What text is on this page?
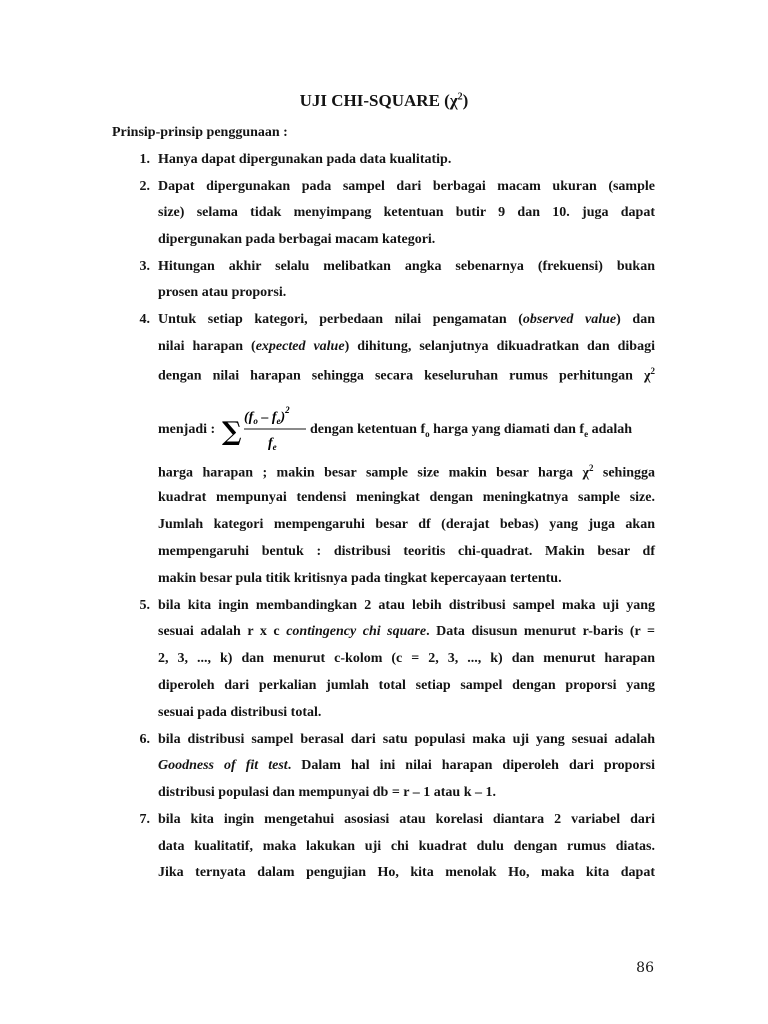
UJI CHI-SQUARE $(\chi^2)$
Prinsip-prinsip penggunaan :
1. Hanya dapat dipergunakan pada data kualitatip.
2. Dapat dipergunakan pada sampel dari berbagai macam ukuran (sample
size) selama tidak menyimpang ketentuan butir 9 dan 10. juga dapat
dipergunakan pada berbagai macam kategori.
3. Hitungan akhir selalu melibatkan angka sebenarnya (frekuensi) bukan
prosen atau proporsi.
4. Untuk setiap kategori, perbedaan nilai pengamatan (observed value) dan
nilai harapan (expected value) dihitung, selanjutnya dikuadratkan dan dibagi
dengan nilai harapan sehingga secara keseluruhan rumus perhitungan $\chi^2$
menjadi : ∑ $(f_o - f_e)^2$
$f_e$
dengan ketentuan $f_o$ harga yang diamati dan $f_e$ adalah
harga harapan ; makin besar sample size makin besar harga $\chi^2$ sehingga
kuadrat mempunyai tendensi meningkat dengan meningkatnya sample size.
Jumlah kategori mempengaruhi besar df (derajat bebas) yang juga akan
mempengaruhi bentuk : distribusi teoritis chi-quadrat. Makin besar df
makin besar pula titik kritisnya pada tingkat kepercayaan tertentu.
5. bila kita ingin membandingkan 2 atau lebih distribusi sampel maka uji yang
sesuai adalah r x c contingency chi square. Data disusun menurut r-baris (r =
2, 3, ..., k) dan menurut c-kolom (c = 2, 3, ..., k) dan menurut harapan
diperoleh dari perkalian jumlah total setiap sampel dengan proporsi yang
sesuai pada distribusi total.
6. bila distribusi sampel berasal dari satu populasi maka uji yang sesuai adalah
Goodness of fit test. Dalam hal ini nilai harapan diperoleh dari proporsi
distribusi populasi dan mempunyai db = r – 1 atau k – 1.
7. bila kita ingin mengetahui asosiasi atau korelasi diantara 2 variabel dari
data kualitatif, maka lakukan uji chi kuadrat dulu dengan rumus diatas.
Jika ternyata dalam pengujian Ho, kita menolak Ho, maka kita dapat
86
